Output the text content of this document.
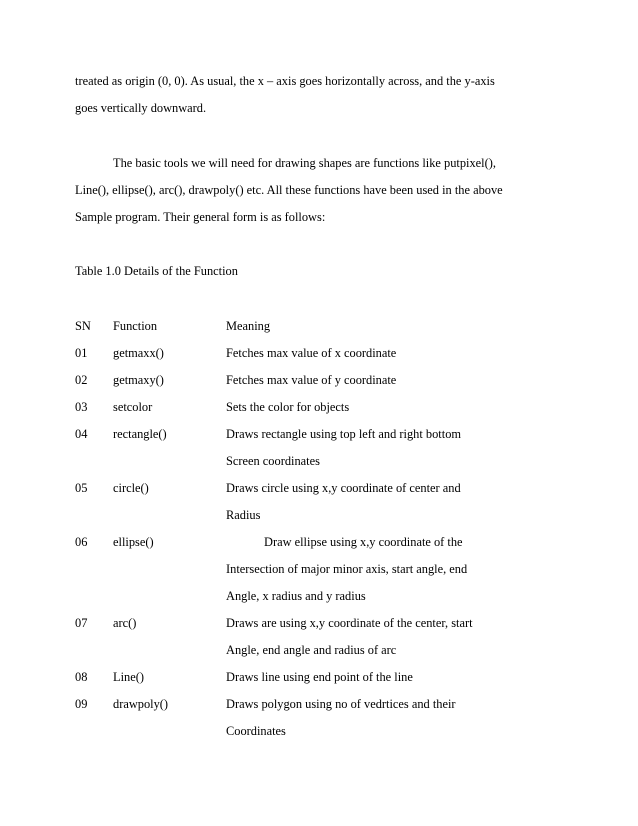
treated as origin (0, 0). As usual, the x – axis goes horizontally across, and the y-axis
goes vertically downward.
The basic tools we will need for drawing shapes are functions like putpixel(),
Line(), ellipse(), arc(), drawpoly() etc. All these functions have been used in the above
Sample program. Their general form is as follows:
Table 1.0 Details of the Function
SN Function	Meaning
01 getmaxx()	Fetches max value of x coordinate
02 getmaxy()	Fetches max value of y coordinate
03 setcolor	Sets the color for objects
04 rectangle()	Draws rectangle using top left and right bottom
Screen coordinates
05 circle()	Draws circle using x,y coordinate of center and
Radius
06 ellipse()	Draw ellipse using x,y coordinate of the
Intersection of major minor axis, start angle, end
Angle, x radius and y radius
07 arc()	Draws are using x,y coordinate of the center, start
Angle, end angle and radius of arc
08 Line()	Draws line using end point of the line
09 drawpoly()	Draws polygon using no of vedrtices and their
Coordinates
